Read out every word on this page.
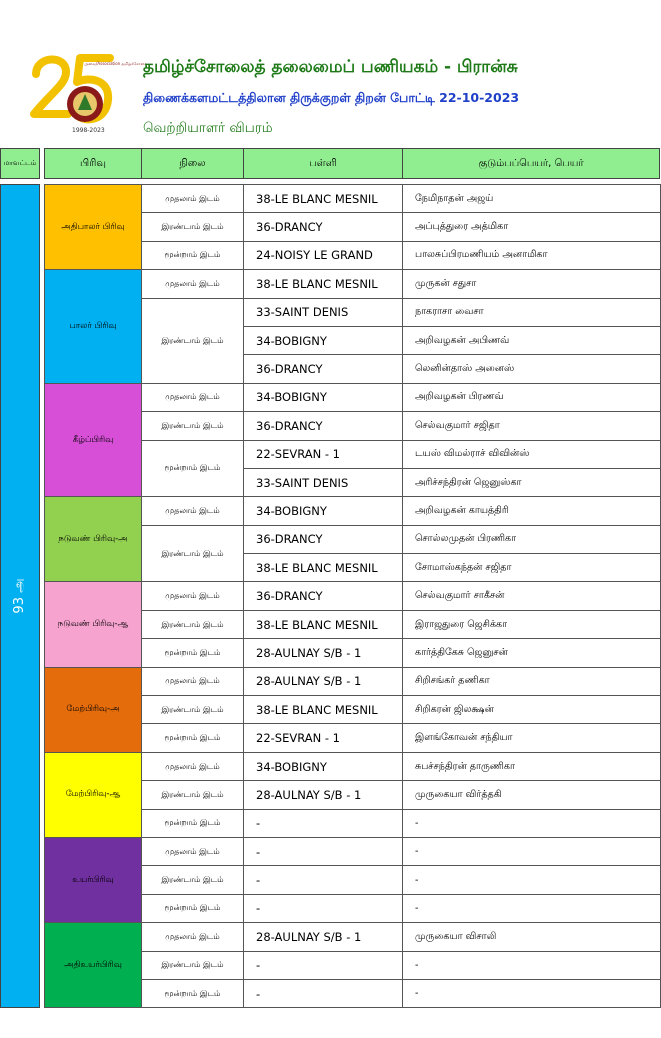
அவை/Association தமிழ்ச்சோலை
1998-2023
தமிழ்ச்சோலைத் தலைமைப் பணியகம் - பிரான்சு
திணைக்களமட்டத்திலான திருக்குறள் திறன் போட்டி 22-10-2023
வெற்றியாளர் விபரம்
மாவட்டம்	பிரிவு	நிலை	பள்ளி	குடும்பப்பெயர், பெயர்
93 அ
அதிபாலர் பிரிவு	முதலாம் இடம்	38-LE BLANC MESNIL	நேமிநாதன் அஜய்
	இரண்டாம் இடம்	36-DRANCY	அப்புத்துரை அத்மிகா
	மூன்றாம் இடம்	24-NOISY LE GRAND	பாலசுப்பிரமணியம் அனாமிகா
பாலர் பிரிவு	முதலாம் இடம்	38-LE BLANC MESNIL	முருகன் சதுசா
	இரண்டாம் இடம்	33-SAINT DENIS	நாகராசா வைசா
		34-BOBIGNY	அறிவழகன் அபிணவ்
		36-DRANCY	லெனின்தாஸ் அனைஸ்
கீழ்ப்பிரிவு	முதலாம் இடம்	34-BOBIGNY	அறிவழகன் பிரணவ்
	இரண்டாம் இடம்	36-DRANCY	செல்வகுமார் சஜிதா
	மூன்றாம் இடம்	22-SEVRAN - 1	டயஸ் விமல்ராச் விவின்ஸ்
		33-SAINT DENIS	அரிச்சந்திரன் ஜெனுஸ்கா
நடுவண் பிரிவு-அ	முதலாம் இடம்	34-BOBIGNY	அறிவழகன் காயத்திரி
	இரண்டாம் இடம்	36-DRANCY	சொல்லமுதன் பிரணிகா
		38-LE BLANC MESNIL	சோமாஸ்கந்தன் சஜிதா
நடுவண் பிரிவு-ஆ	முதலாம் இடம்	36-DRANCY	செல்வகுமார் சாகீசன்
	இரண்டாம் இடம்	38-LE BLANC MESNIL	இராஜதுரை ஜெசிக்கா
	மூன்றாம் இடம்	28-AULNAY S/B - 1	கார்த்திகேசு ஜெனுசன்
மேற்பிரிவு-அ	முதலாம் இடம்	28-AULNAY S/B - 1	சிறிசங்கர் தணிகா
	இரண்டாம் இடம்	38-LE BLANC MESNIL	சிறிகரன் ஜிலக்ஷன்
	மூன்றாம் இடம்	22-SEVRAN - 1	இளங்கோவன் சந்தியா
மேற்பிரிவு-ஆ	முதலாம் இடம்	34-BOBIGNY	சுபச்சந்திரன் தாருணிகா
	இரண்டாம் இடம்	28-AULNAY S/B - 1	முருகையா விர்த்தகி
	மூன்றாம் இடம்	-	-
உயர்பிரிவு	முதலாம் இடம்	-	-
	இரண்டாம் இடம்	-	-
	மூன்றாம் இடம்	-	-
அதிஉயர்பிரிவு	முதலாம் இடம்	28-AULNAY S/B - 1	முருகையா விசாலி
	இரண்டாம் இடம்	-	-
	மூன்றாம் இடம்	-	-
